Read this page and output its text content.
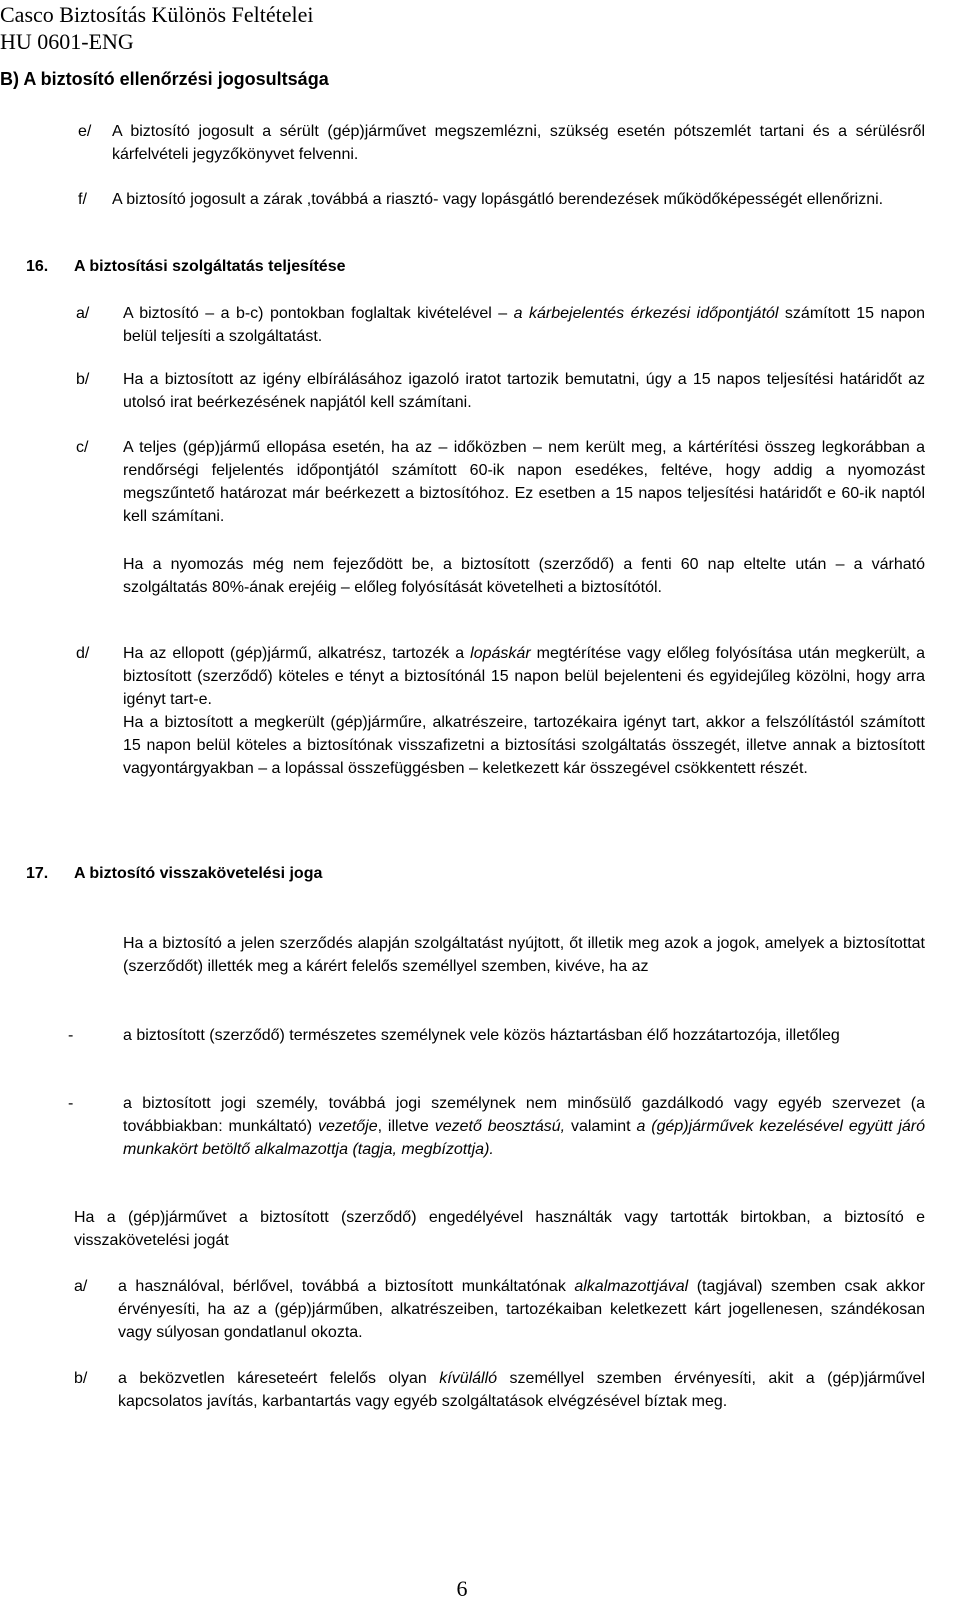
Casco Biztosítás Különös Feltételei
HU 0601-ENG
B) A biztosító ellenőrzési jogosultsága
e/ A biztosító jogosult a sérült (gép)járművet megszemlézni, szükség esetén pótszemlét tartani és a sérülésről kárfelvételi jegyzőkönyvet felvenni.
f/ A biztosító jogosult a zárak ,továbbá a riasztó- vagy lopásgátló berendezések működőképességét ellenőrizni.
16. A biztosítási szolgáltatás teljesítése
a/ A biztosító – a b-c) pontokban foglaltak kivételével – a kárbejelentés érkezési időpontjától számított 15 napon belül teljesíti a szolgáltatást.
b/ Ha a biztosított az igény elbírálásához igazoló iratot tartozik bemutatni, úgy a 15 napos teljesítési határidőt az utolsó irat beérkezésének napjától kell számítani.
c/ A teljes (gép)jármű ellopása esetén, ha az – időközben – nem került meg, a kártérítési összeg legkorábban a rendőrségi feljelentés időpontjától számított 60-ik napon esedékes, feltéve, hogy addig a nyomozást megszűntető határozat már beérkezett a biztosítóhoz. Ez esetben a 15 napos teljesítési határidőt e 60-ik naptól kell számítani.
Ha a nyomozás még nem fejeződött be, a biztosított (szerződő) a fenti 60 nap eltelte után – a várható szolgáltatás 80%-ának erejéig – előleg folyósítását követelheti a biztosítótól.
d/ Ha az ellopott (gép)jármű, alkatrész, tartozék a lopáskár megtérítése vagy előleg folyósítása után megkerült, a biztosított (szerződő) köteles e tényt a biztosítónál 15 napon belül bejelenteni és egyidejűleg közölni, hogy arra igényt tart-e.
Ha a biztosított a megkerült (gép)járműre, alkatrészeire, tartozékaira igényt tart, akkor a felszólítástól számított 15 napon belül köteles a biztosítónak visszafizetni a biztosítási szolgáltatás összegét, illetve annak a biztosított vagyontárgyakban – a lopással összefüggésben – keletkezett kár összegével csökkentett részét.
17. A biztosító visszakövetelési joga
Ha a biztosító a jelen szerződés alapján szolgáltatást nyújtott, őt illetik meg azok a jogok, amelyek a biztosítottat (szerződőt) illették meg a kárért felelős személlyel szemben, kivéve, ha az
-	a biztosított (szerződő) természetes személynek vele közös háztartásban élő hozzátartozója, illetőleg
-	a biztosított jogi személy, továbbá jogi személynek nem minősülő gazdálkodó vagy egyéb szervezet (a továbbiakban: munkáltató) vezetője, illetve vezető beosztású, valamint a (gép)járművek kezelésével együtt járó munkakört betöltő alkalmazottja (tagja, megbízottja).
Ha a (gép)járművet a biztosított (szerződő) engedélyével használták vagy tartották birtokban, a biztosító e visszakövetelési jogát
a/ a használóval, bérlővel, továbbá a biztosított munkáltatónak alkalmazottjával (tagjával) szemben csak akkor érvényesíti, ha az a (gép)járműben, alkatrészeiben, tartozékaiban keletkezett kárt jogellenesen, szándékosan vagy súlyosan gondatlanul okozta.
b/ a beközvetlen káreseteért felelős olyan kívülálló személlyel szemben érvényesíti, akit a (gép)járművel kapcsolatos javítás, karbantartás vagy egyéb szolgáltatások elvégzésével bíztak meg.
6
